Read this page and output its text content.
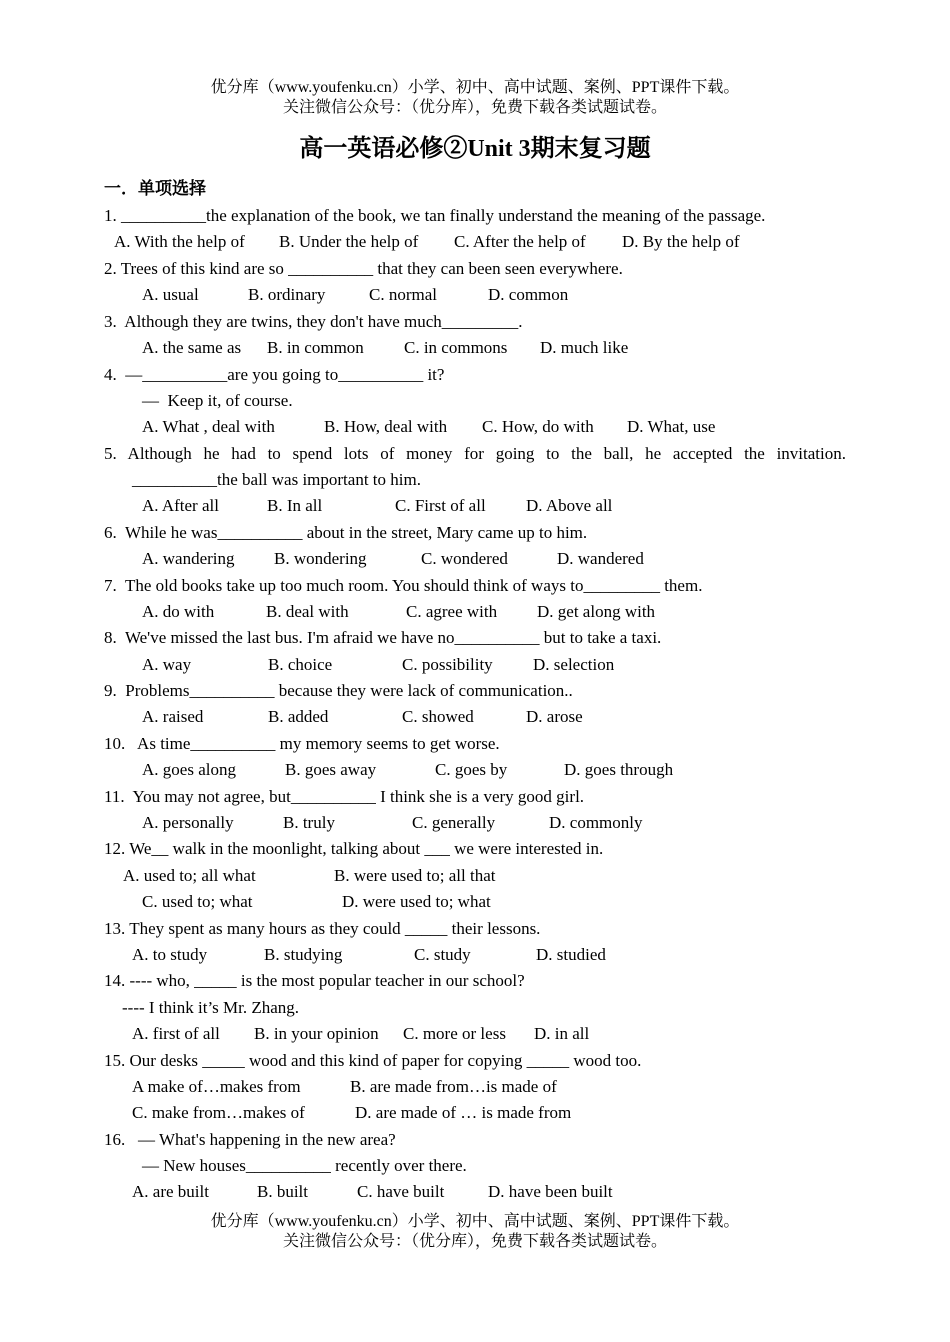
优分库（www.youfenku.cn）小学、初中、高中试题、案例、PPT课件下载。
关注微信公众号：（优分库），免费下载各类试题试卷。
高一英语必修②Unit 3期末复习题
一．单项选择
1. __________the explanation of the book, we tan finally understand the meaning of the passage.
A. With the help of B. Under the help of C. After the help of D. By the help of
2. Trees of this kind are so __________ that they can been seen everywhere.
A. usual	B. ordinary	C. normal	D. common
3.  Although they are twins, they don't have much_________.
A. the same as B. in common C. in commons D. much like
4.  —__________are you going to__________ it?
—  Keep it, of course.
A. What , deal with	B. How, deal with C. How, do with D. What, use
5. Although he had to spend lots of money for going to the ball, he accepted the invitation.
__________the ball was important to him.
A. After all	B. In all	C. First of all D. Above all
6.  While he was__________ about in the street, Mary came up to him.
A. wandering B. wondering	C. wondered	D. wandered
7.  The old books take up too much room. You should think of ways to_________ them.
A. do with	B. deal with	C. agree with D. get along with
8.  We've missed the last bus. I'm afraid we have no__________ but to take a taxi.
A. way	B. choice	C. possibility D. selection
9.  Problems__________ because they were lack of communication..
A. raised	B. added	C. showed	D. arose
10.   As time__________ my memory seems to get worse.
A. goes along	B. goes away	C. goes by	D. goes through
11.  You may not agree, but__________ I think she is a very good girl.
A. personally	B. truly	C. generally	D. commonly
12. We__ walk in the moonlight, talking about ___ we were interested in.
A. used to; all what	B. were used to; all that
C. used to; what	D. were used to; what
13. They spent as many hours as they could _____ their lessons.
A. to study	B. studying	C. study	D. studied
14. ---- who, _____ is the most popular teacher in our school?
---- I think it’s Mr. Zhang.
A. first of all B. in your opinion C. more or less D. in all
15. Our desks _____ wood and this kind of paper for copying _____ wood too.
A make of…makes from	B. are made from…is made of
C. make from…makes of	D. are made of … is made from
16.   — What's happening in the new area?
— New houses__________ recently over there.
A. are built	B. built	C. have built	D. have been built
优分库（www.youfenku.cn）小学、初中、高中试题、案例、PPT课件下载。
关注微信公众号：（优分库），免费下载各类试题试卷。
